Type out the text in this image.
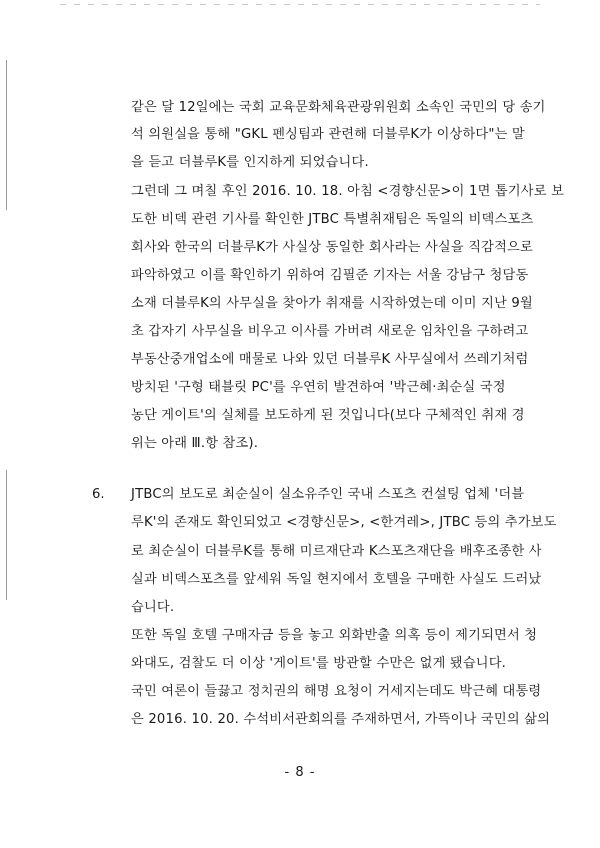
같은 달 12일에는 국회 교육문화체육관광위원회 소속인 국민의 당 송기
석 의원실을 통해 "GKL 펜싱팀과 관련해 더블루K가 이상하다"는 말
을 듣고 더블루K를 인지하게 되었습니다.
그런데 그 며칠 후인 2016. 10. 18. 아침 <경향신문>이 1면 톱기사로 보
도한 비덱 관련 기사를 확인한 JTBC 특별취재팀은 독일의 비덱스포츠
회사와 한국의 더블루K가 사실상 동일한 회사라는 사실을 직감적으로
파악하였고 이를 확인하기 위하여 김필준 기자는 서울 강남구 청담동
소재 더블루K의 사무실을 찾아가 취재를 시작하였는데 이미 지난 9월
초 갑자기 사무실을 비우고 이사를 가버려 새로운 임차인을 구하려고
부동산중개업소에 매물로 나와 있던 더블루K 사무실에서 쓰레기처럼
방치된 '구형 태블릿 PC'를 우연히 발견하여 '박근혜·최순실 국정
농단 게이트'의 실체를 보도하게 된 것입니다(보다 구체적인 취재 경
위는 아래 Ⅲ.항 참조).
6. JTBC의 보도로 최순실이 실소유주인 국내 스포츠 컨설팅 업체 '더블
루K'의 존재도 확인되었고 <경향신문>, <한겨레>, JTBC 등의 추가보도
로 최순실이 더블루K를 통해 미르재단과 K스포츠재단을 배후조종한 사
실과 비덱스포츠를 앞세워 독일 현지에서 호텔을 구매한 사실도 드러났
습니다.
또한 독일 호텔 구매자금 등을 놓고 외화반출 의혹 등이 제기되면서 청
와대도, 검찰도 더 이상 '게이트'를 방관할 수만은 없게 됐습니다.
국민 여론이 들끓고 정치권의 해명 요청이 거세지는데도 박근혜 대통령
은 2016. 10. 20. 수석비서관회의를 주재하면서, 가뜩이나 국민의 삶의
- 8 -
